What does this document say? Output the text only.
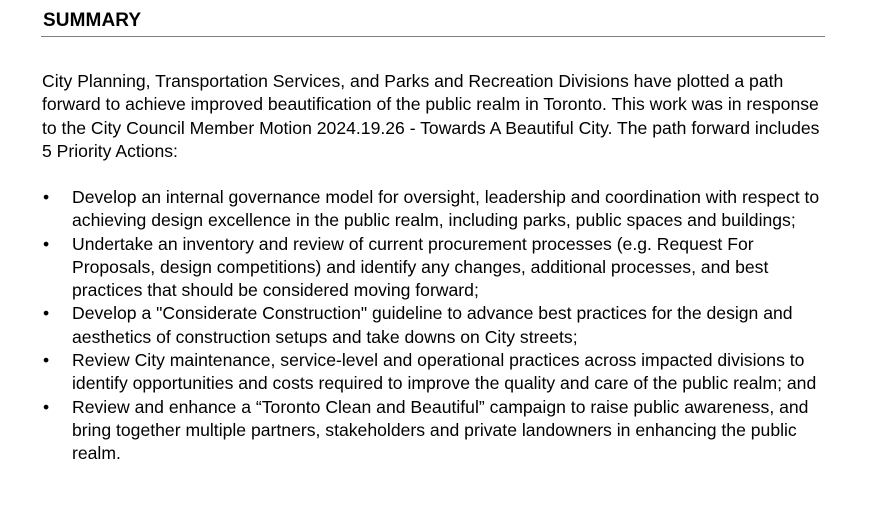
SUMMARY

City Planning, Transportation Services, and Parks and Recreation Divisions have plotted a path forward to achieve improved beautification of the public realm in Toronto. This work was in response to the City Council Member Motion 2024.19.26 - Towards A Beautiful City. The path forward includes 5 Priority Actions:

•	Develop an internal governance model for oversight, leadership and coordination with respect to achieving design excellence in the public realm, including parks, public spaces and buildings;
•	Undertake an inventory and review of current procurement processes (e.g. Request For Proposals, design competitions) and identify any changes, additional processes, and best practices that should be considered moving forward;
•	Develop a "Considerate Construction" guideline to advance best practices for the design and aesthetics of construction setups and take downs on City streets;
•	Review City maintenance, service-level and operational practices across impacted divisions to identify opportunities and costs required to improve the quality and care of the public realm; and
•	Review and enhance a “Toronto Clean and Beautiful” campaign to raise public awareness, and bring together multiple partners, stakeholders and private landowners in enhancing the public realm.
